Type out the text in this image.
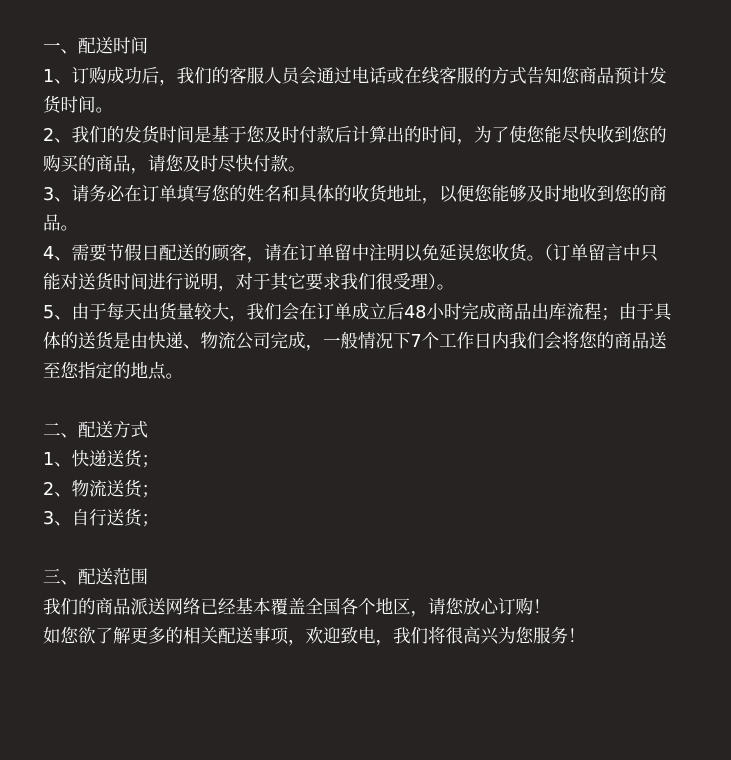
一、配送时间

1、订购成功后，我们的客服人员会通过电话或在线客服的方式告知您商品预计发

货时间。

2、我们的发货时间是基于您及时付款后计算出的时间，为了使您能尽快收到您的

购买的商品，请您及时尽快付款。

3、请务必在订单填写您的姓名和具体的收货地址，以便您能够及时地收到您的商

品。

4、需要节假日配送的顾客，请在订单留中注明以免延误您收货。（订单留言中只

能对送货时间进行说明，对于其它要求我们很受理）。

5、由于每天出货量较大，我们会在订单成立后48小时完成商品出库流程；由于具

体的送货是由快递、物流公司完成，一般情况下7个工作日内我们会将您的商品送

至您指定的地点。

二、配送方式

1、快递送货；

2、物流送货；

3、自行送货；

三、配送范围

我们的商品派送网络已经基本覆盖全国各个地区，请您放心订购！

如您欲了解更多的相关配送事项，欢迎致电，我们将很高兴为您服务！
